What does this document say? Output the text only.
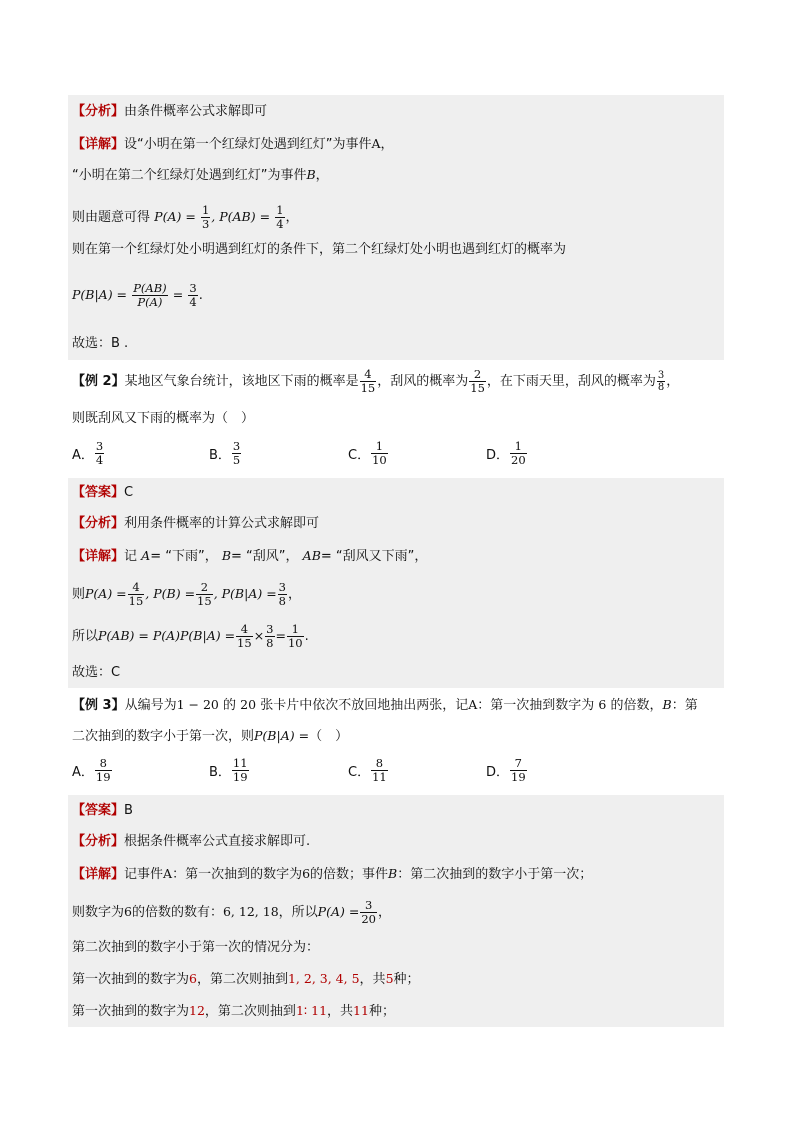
【分析】由条件概率公式求解即可
【详解】设“小明在第一个红绿灯处遇到红灯”为事件A，
“小明在第二个红绿灯处遇到红灯”为事件B，
则由题意可得 $P(A) = \frac{1}{3}$ , $P(AB) = \frac{1}{4}$ ，
则在第一个红绿灯处小明遇到红灯的条件下，第二个红绿灯处小明也遇到红灯的概率为
$P(B|A) = \frac{P(AB)}{P(A)} = \frac{3}{4}$ .
故选：B .
【例 2】某地区气象台统计，该地区下雨的概率是 $\frac{4}{15}$ ，刮风的概率为 $\frac{2}{15}$ ，在下雨天里，刮风的概率为 $\frac{3}{8}$ ，
则既刮风又下雨的概率为（　）
A． $\frac{3}{4}$	B． $\frac{3}{5}$	C． $\frac{1}{10}$	D． $\frac{1}{20}$
【答案】C
【分析】利用条件概率的计算公式求解即可
【详解】记 A= “下雨”， B= “刮风”， AB= “刮风又下雨”，
则$P(A) = \frac{4}{15}$ , $P(B) = \frac{2}{15}$ , $P(B|A) = \frac{3}{8}$ ，
所以$P(AB) = P(A)P(B|A) = \frac{4}{15} \times \frac{3}{8} = \frac{1}{10}$ .
故选：C
【例 3】从编号为1 − 20 的 20 张卡片中依次不放回地抽出两张，记A：第一次抽到数字为 6 的倍数，B：第
二次抽到的数字小于第一次，则P(B|A) =（　）
A． $\frac{8}{19}$	B． $\frac{11}{19}$	C． $\frac{8}{11}$	D． $\frac{7}{19}$
【答案】B
【分析】根据条件概率公式直接求解即可.
【详解】记事件A：第一次抽到的数字为6的倍数；事件B：第二次抽到的数字小于第一次；
则数字为6的倍数的数有：6, 12, 18，所以$P(A) = \frac{3}{20}$ ，
第二次抽到的数字小于第一次的情况分为：
第一次抽到的数字为6，第二次则抽到1, 2, 3, 4, 5，共5种；
第一次抽到的数字为12，第二次则抽到1∶ 11，共11种；
